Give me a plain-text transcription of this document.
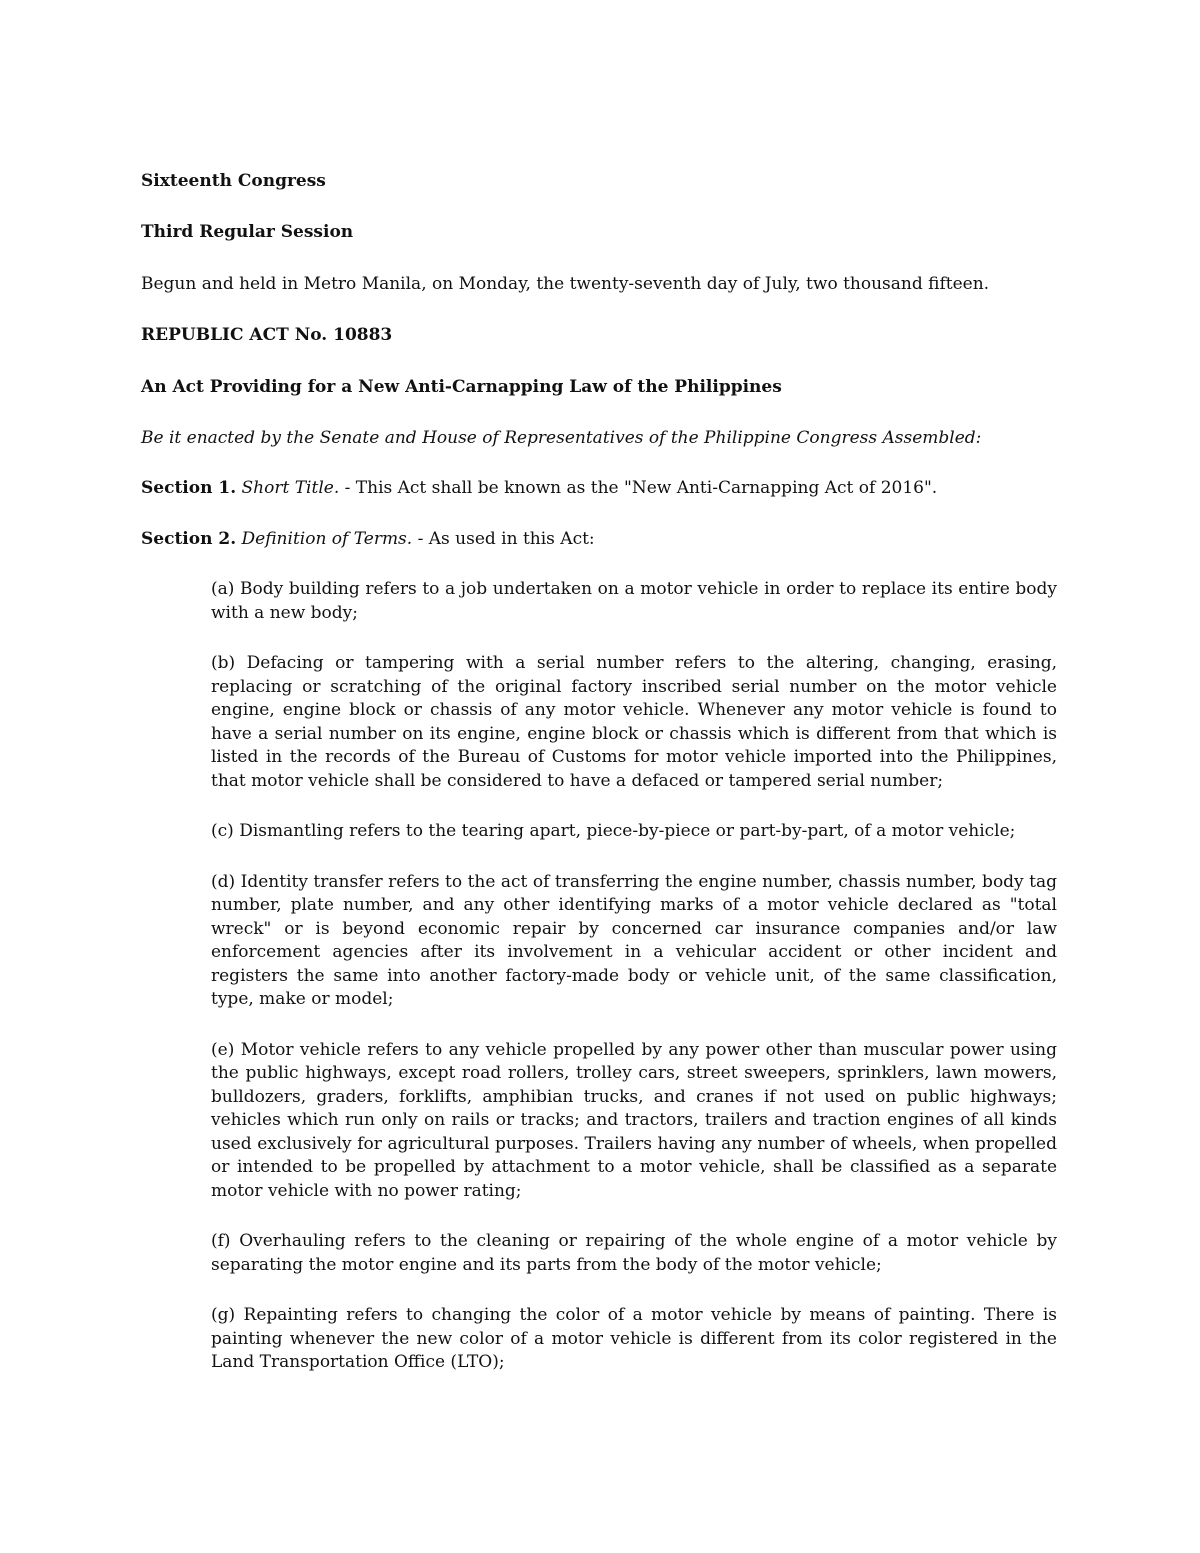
Sixteenth Congress
Third Regular Session
Begun and held in Metro Manila, on Monday, the twenty-seventh day of July, two thousand fifteen.
REPUBLIC ACT No. 10883
An Act Providing for a New Anti-Carnapping Law of the Philippines
Be it enacted by the Senate and House of Representatives of the Philippine Congress Assembled:
Section 1. Short Title. - This Act shall be known as the "New Anti-Carnapping Act of 2016".
Section 2. Definition of Terms. - As used in this Act:

(a) Body building refers to a job undertaken on a motor vehicle in order to replace its entire body with a new body;

(b) Defacing or tampering with a serial number refers to the altering, changing, erasing, replacing or scratching of the original factory inscribed serial number on the motor vehicle engine, engine block or chassis of any motor vehicle. Whenever any motor vehicle is found to have a serial number on its engine, engine block or chassis which is different from that which is listed in the records of the Bureau of Customs for motor vehicle imported into the Philippines, that motor vehicle shall be considered to have a defaced or tampered serial number;

(c) Dismantling refers to the tearing apart, piece-by-piece or part-by-part, of a motor vehicle;

(d) Identity transfer refers to the act of transferring the engine number, chassis number, body tag number, plate number, and any other identifying marks of a motor vehicle declared as "total wreck" or is beyond economic repair by concerned car insurance companies and/or law enforcement agencies after its involvement in a vehicular accident or other incident and registers the same into another factory-made body or vehicle unit, of the same classification, type, make or model;

(e) Motor vehicle refers to any vehicle propelled by any power other than muscular power using the public highways, except road rollers, trolley cars, street sweepers, sprinklers, lawn mowers, bulldozers, graders, forklifts, amphibian trucks, and cranes if not used on public highways; vehicles which run only on rails or tracks; and tractors, trailers and traction engines of all kinds used exclusively for agricultural purposes. Trailers having any number of wheels, when propelled or intended to be propelled by attachment to a motor vehicle, shall be classified as a separate motor vehicle with no power rating;

(f) Overhauling refers to the cleaning or repairing of the whole engine of a motor vehicle by separating the motor engine and its parts from the body of the motor vehicle;

(g) Repainting refers to changing the color of a motor vehicle by means of painting. There is painting whenever the new color of a motor vehicle is different from its color registered in the Land Transportation Office (LTO);
